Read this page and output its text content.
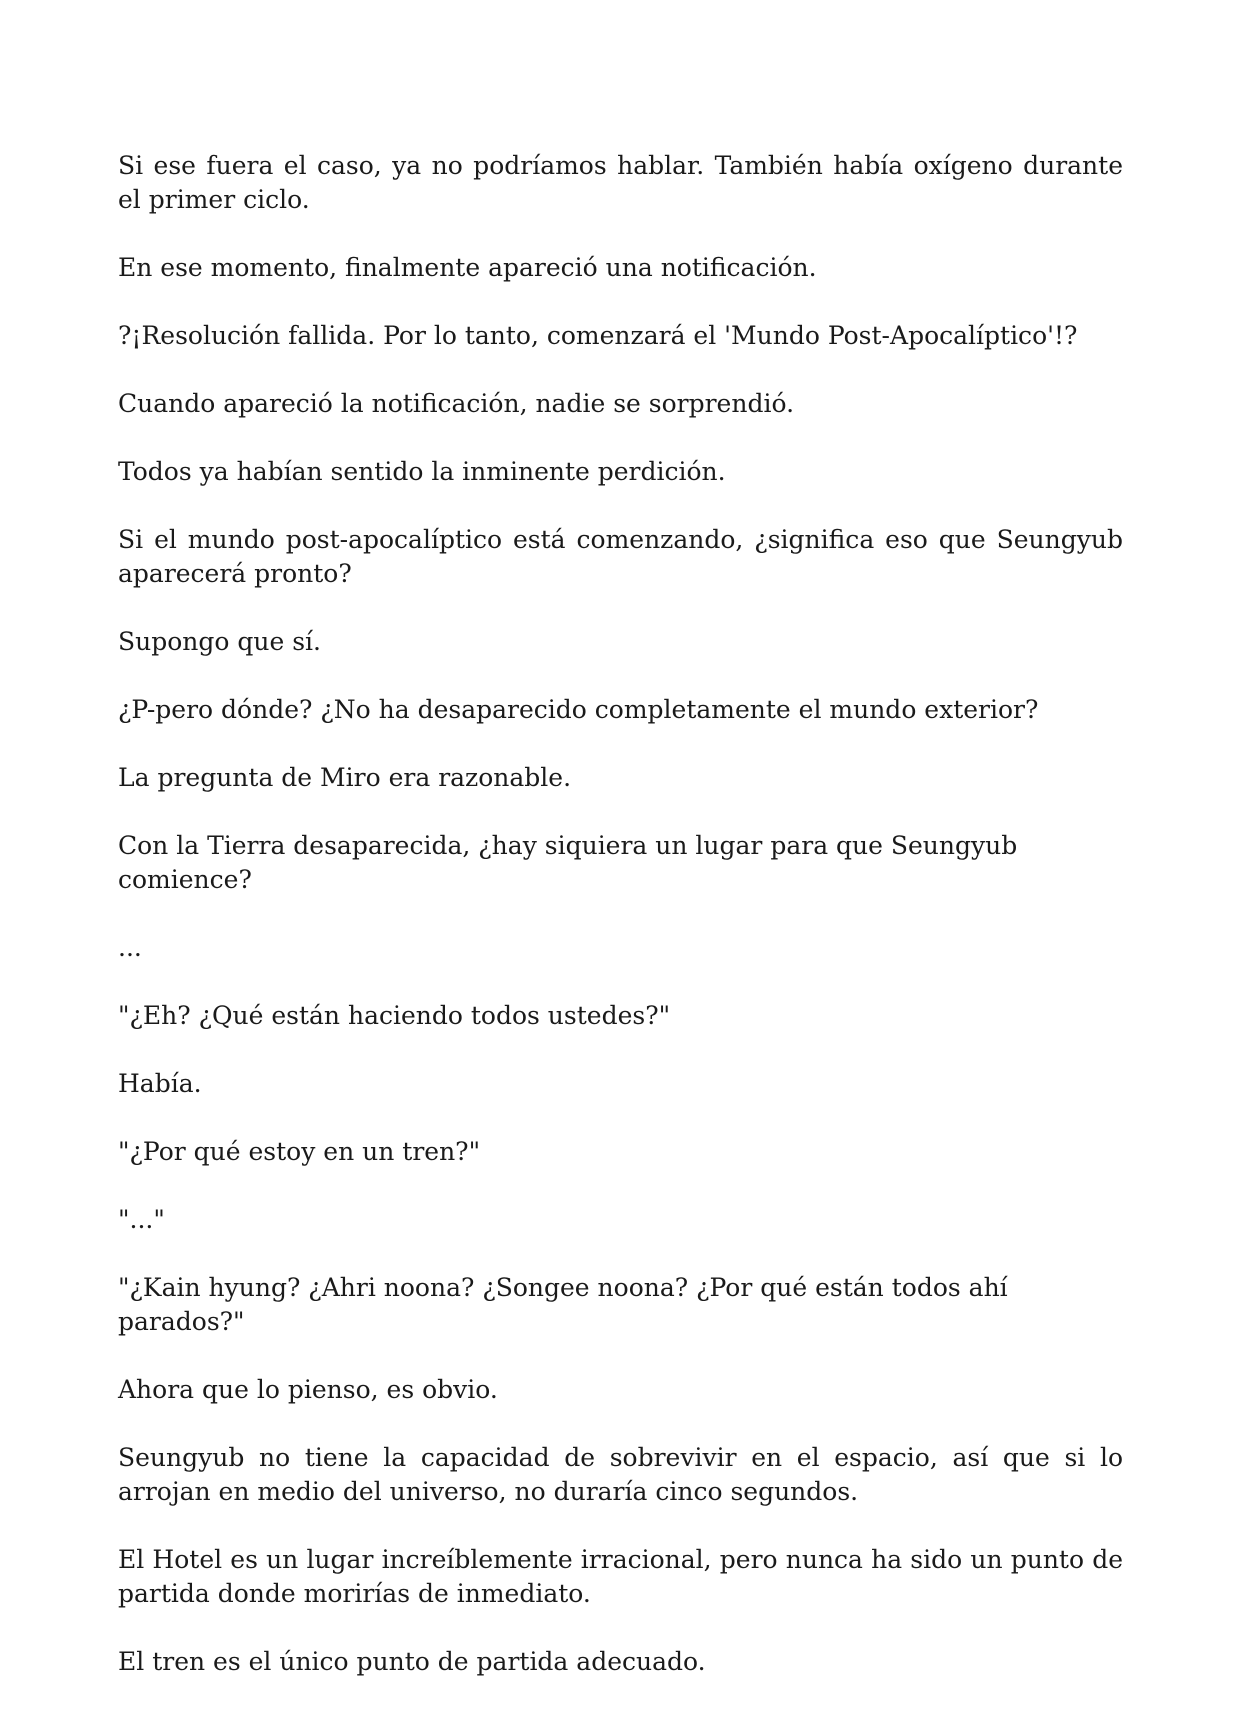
Si ese fuera el caso, ya no podríamos hablar. También había oxígeno durante el primer ciclo.

En ese momento, finalmente apareció una notificación.

?¡Resolución fallida. Por lo tanto, comenzará el 'Mundo Post-Apocalíptico'!?

Cuando apareció la notificación, nadie se sorprendió.

Todos ya habían sentido la inminente perdición.

Si el mundo post-apocalíptico está comenzando, ¿significa eso que Seungyub aparecerá pronto?

Supongo que sí.

¿P-pero dónde? ¿No ha desaparecido completamente el mundo exterior?

La pregunta de Miro era razonable.

Con la Tierra desaparecida, ¿hay siquiera un lugar para que Seungyub comience?

...

"¿Eh? ¿Qué están haciendo todos ustedes?"

Había.

"¿Por qué estoy en un tren?"

"..."

"¿Kain hyung? ¿Ahri noona? ¿Songee noona? ¿Por qué están todos ahí parados?"

Ahora que lo pienso, es obvio.

Seungyub no tiene la capacidad de sobrevivir en el espacio, así que si lo arrojan en medio del universo, no duraría cinco segundos.

El Hotel es un lugar increíblemente irracional, pero nunca ha sido un punto de partida donde morirías de inmediato.

El tren es el único punto de partida adecuado.
